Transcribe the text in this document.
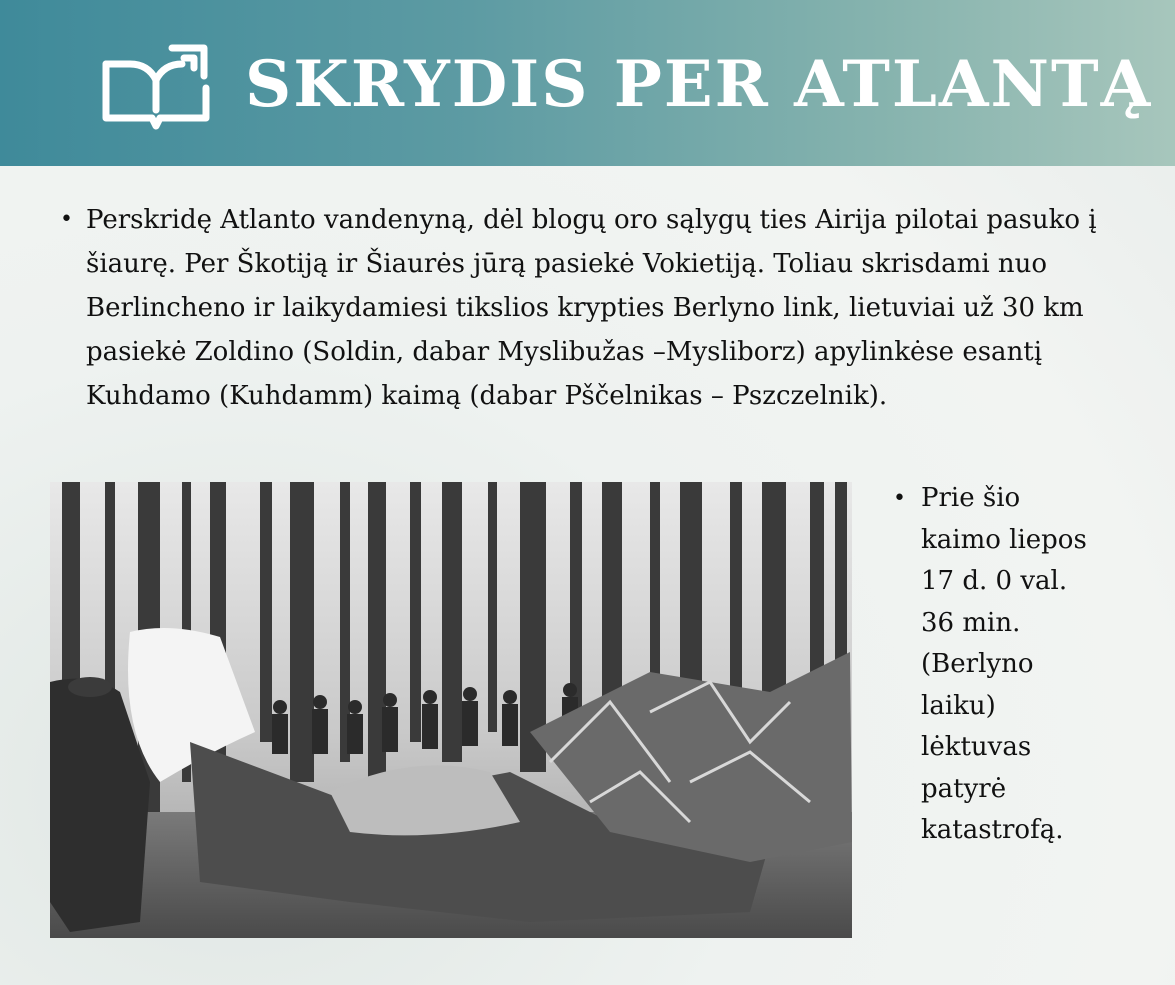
SKRYDIS PER ATLANTĄ
• Perskridę Atlanto vandenyną, dėl blogų oro sąlygų ties Airija pilotai pasuko į šiaurę. Per Škotiją ir Šiaurės jūrą pasiekė Vokietiją. Toliau skrisdami nuo Berlincheno ir laikydamiesi tikslios krypties Berlyno link, lietuviai už 30 km pasiekė Zoldino (Soldin, dabar Myslibužas –Mysliborz) apylinkėse esantį Kuhdamo (Kuhdamm) kaimą (dabar Pščelnikas – Pszczelnik).
• Prie šio kaimo liepos 17 d. 0 val. 36 min. (Berlyno laiku) lėktuvas patyrė katastrofą.
